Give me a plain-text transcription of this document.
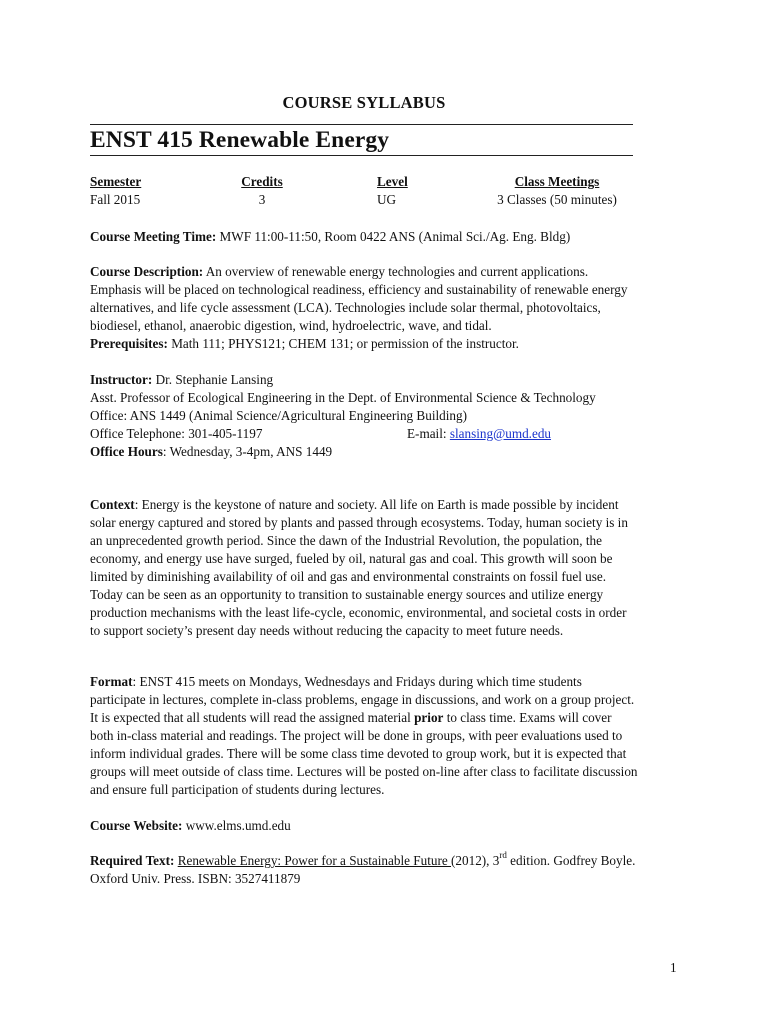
COURSE SYLLABUS
ENST 415 Renewable Energy
Semester	Credits	Level	Class Meetings
Fall 2015	3	UG	3 Classes (50 minutes)

Course Meeting Time: MWF 11:00-11:50, Room 0422 ANS (Animal Sci./Ag. Eng. Bldg)

Course Description: An overview of renewable energy technologies and current applications. Emphasis will be placed on technological readiness, efficiency and sustainability of renewable energy alternatives, and life cycle assessment (LCA). Technologies include solar thermal, photovoltaics, biodiesel, ethanol, anaerobic digestion, wind, hydroelectric, wave, and tidal.

Prerequisites: Math 111; PHYS121; CHEM 131; or permission of the instructor.

Instructor: Dr. Stephanie Lansing

Asst. Professor of Ecological Engineering in the Dept. of Environmental Science & Technology

Office: ANS 1449 (Animal Science/Agricultural Engineering Building)

Office Telephone: 301-405-1197	E-mail: slansing@umd.edu

Office Hours: Wednesday, 3-4pm, ANS 1449

Context: Energy is the keystone of nature and society. All life on Earth is made possible by incident solar energy captured and stored by plants and passed through ecosystems. Today, human society is in an unprecedented growth period. Since the dawn of the Industrial Revolution, the population, the economy, and energy use have surged, fueled by oil, natural gas and coal. This growth will soon be limited by diminishing availability of oil and gas and environmental constraints on fossil fuel use. Today can be seen as an opportunity to transition to sustainable energy sources and utilize energy production mechanisms with the least life-cycle, economic, environmental, and societal costs in order to support society’s present day needs without reducing the capacity to meet future needs.

Format: ENST 415 meets on Mondays, Wednesdays and Fridays during which time students participate in lectures, complete in-class problems, engage in discussions, and work on a group project. It is expected that all students will read the assigned material prior to class time. Exams will cover both in-class material and readings. The project will be done in groups, with peer evaluations used to inform individual grades. There will be some class time devoted to group work, but it is expected that groups will meet outside of class time. Lectures will be posted on-line after class to facilitate discussion and ensure full participation of students during lectures.

Course Website: www.elms.umd.edu

Required Text: Renewable Energy: Power for a Sustainable Future (2012), 3rd edition. Godfrey Boyle. Oxford Univ. Press. ISBN: 3527411879

1
